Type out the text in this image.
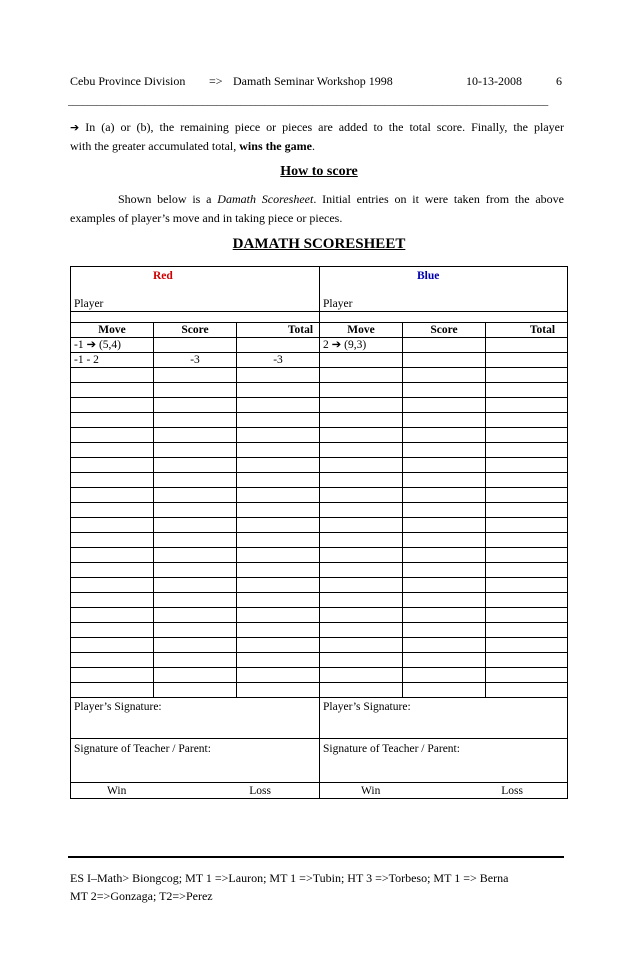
Cebu Province Division => Damath Seminar Workshop 1998	10-13-2008	6
____________________________________________________________________________________________________
➔ In (a) or (b), the remaining piece or pieces are added to the total score. Finally, the player
with the greater accumulated total, wins the game.
How to score
Shown below is a Damath Scoresheet. Initial entries on it were taken from the above
examples of player’s move and in taking piece or pieces.
DAMATH SCORESHEET
Red			Blue		
Player			Player		

Move	Score	Total	Move	Score	Total
-1 ➔ (5,4)			2 ➔ (9,3)		
-1 - 2	-3	-3			

Player’s Signature:			Player’s Signature:		
Signature of Teacher / Parent:			Signature of Teacher / Parent:		
Win Loss			Win Loss		
ES I–Math> Biongcog; MT 1 =>Lauron; MT 1 =>Tubin; HT 3 =>Torbeso; MT 1 => Berna
MT 2=>Gonzaga; T2=>Perez
